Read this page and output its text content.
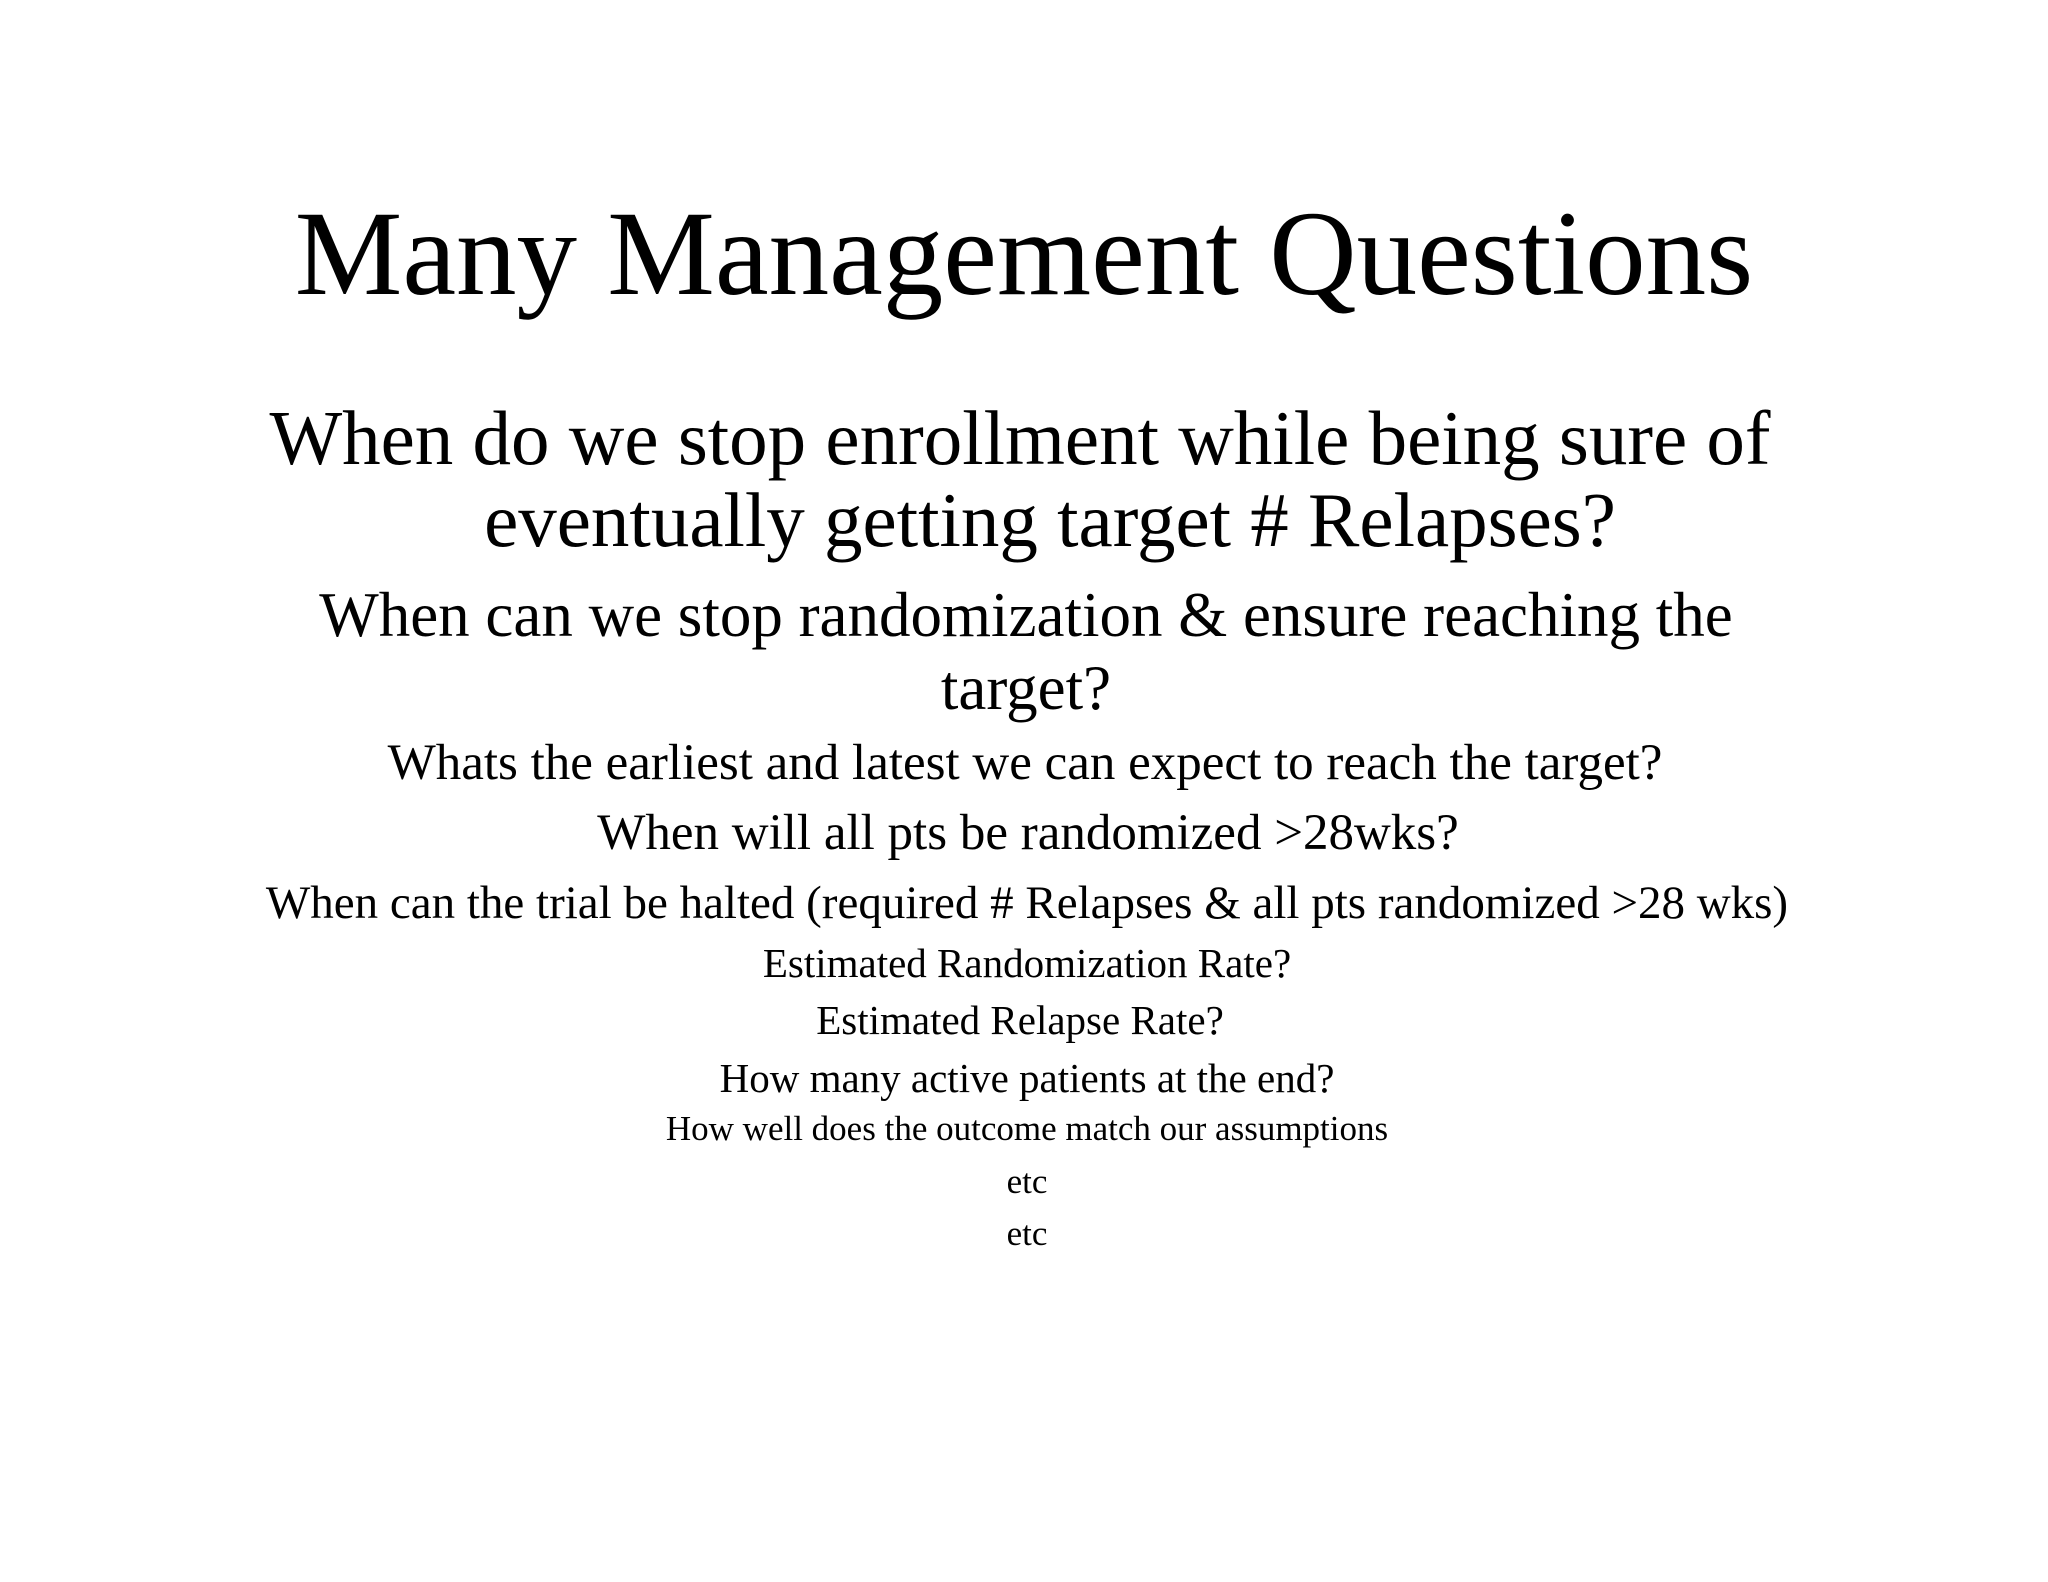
Many Management Questions
When do we stop enrollment while being sure of
eventually getting target # Relapses?
When can we stop randomization & ensure reaching the
target?
Whats the earliest and latest we can expect to reach the target?
When will all pts be randomized >28wks?
When can the trial be halted (required # Relapses & all pts randomized >28 wks)
Estimated Randomization Rate?
Estimated Relapse Rate?
How many active patients at the end?
How well does the outcome match our assumptions
etc
etc
